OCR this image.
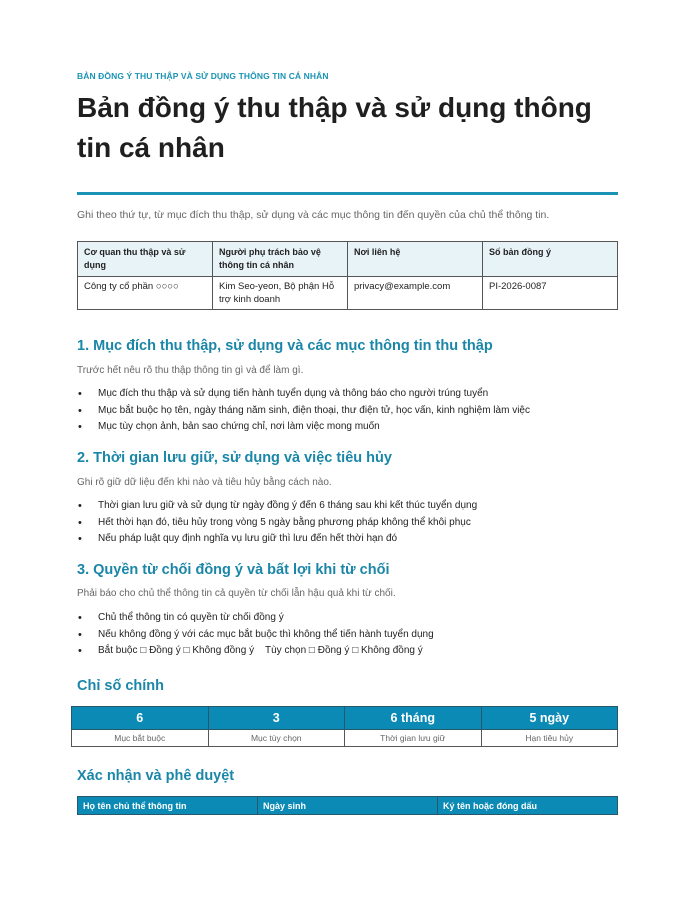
BẢN ĐỒNG Ý THU THẬP VÀ SỬ DỤNG THÔNG TIN CÁ NHÂN
Bản đồng ý thu thập và sử dụng thông tin cá nhân
Ghi theo thứ tự, từ mục đích thu thập, sử dụng và các mục thông tin đến quyền của chủ thể thông tin.
Cơ quan thu thập và sử dụng	Người phụ trách bảo vệ thông tin cá nhân	Nơi liên hệ	Số bản đồng ý
Công ty cổ phần ○○○○	Kim Seo-yeon, Bộ phận Hỗ trợ kinh doanh	privacy@example.com	PI-2026-0087
1. Mục đích thu thập, sử dụng và các mục thông tin thu thập
Trước hết nêu rõ thu thập thông tin gì và để làm gì.
• Mục đích thu thập và sử dụng tiến hành tuyển dụng và thông báo cho người trúng tuyển
• Mục bắt buộc họ tên, ngày tháng năm sinh, điện thoại, thư điện tử, học vấn, kinh nghiệm làm việc
• Mục tùy chọn ảnh, bản sao chứng chỉ, nơi làm việc mong muốn
2. Thời gian lưu giữ, sử dụng và việc tiêu hủy
Ghi rõ giữ dữ liệu đến khi nào và tiêu hủy bằng cách nào.
• Thời gian lưu giữ và sử dụng từ ngày đồng ý đến 6 tháng sau khi kết thúc tuyển dụng
• Hết thời hạn đó, tiêu hủy trong vòng 5 ngày bằng phương pháp không thể khôi phục
• Nếu pháp luật quy định nghĩa vụ lưu giữ thì lưu đến hết thời hạn đó
3. Quyền từ chối đồng ý và bất lợi khi từ chối
Phải báo cho chủ thể thông tin cả quyền từ chối lẫn hậu quả khi từ chối.
• Chủ thể thông tin có quyền từ chối đồng ý
• Nếu không đồng ý với các mục bắt buộc thì không thể tiến hành tuyển dụng
• Bắt buộc □ Đồng ý □ Không đồng ý    Tùy chọn □ Đồng ý □ Không đồng ý
Chỉ số chính
6	3	6 tháng	5 ngày
Mục bắt buộc	Mục tùy chọn	Thời gian lưu giữ	Hạn tiêu hủy
Xác nhận và phê duyệt
Họ tên chủ thể thông tin	Ngày sinh	Ký tên hoặc đóng dấu
